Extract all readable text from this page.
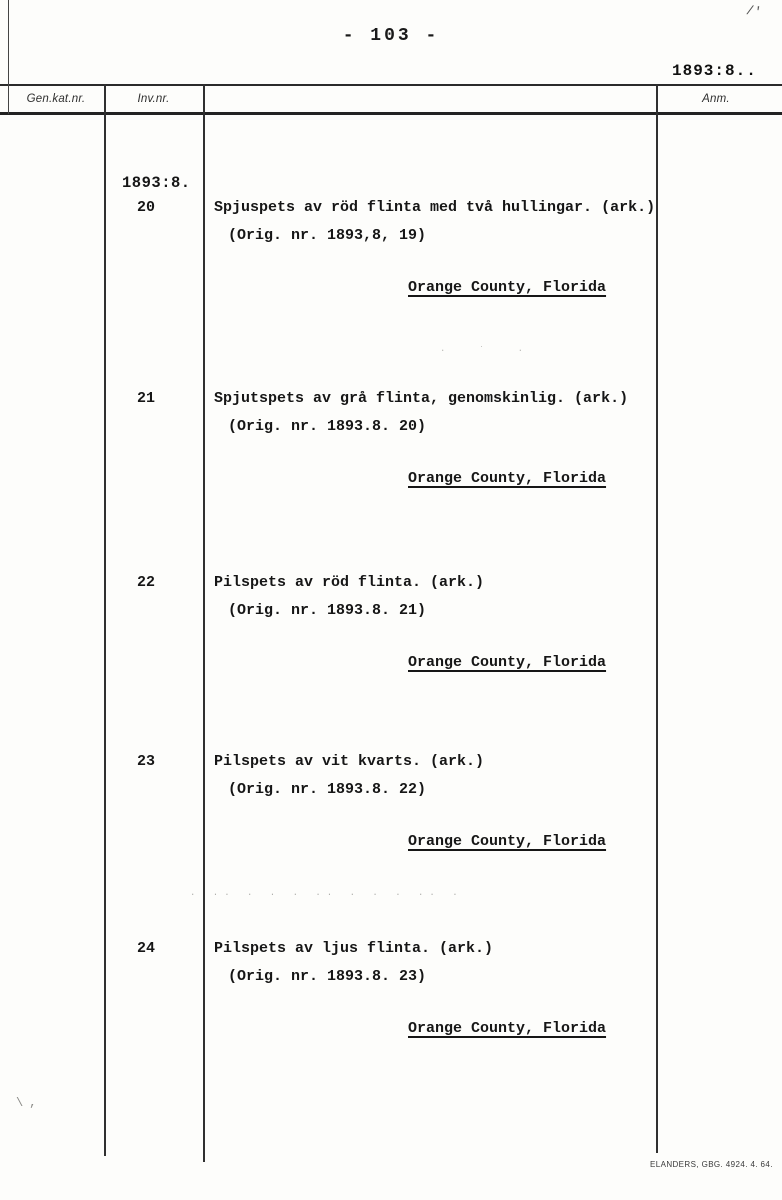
- 103 -
/'
1893:8..
Gen.kat.nr.	Inv.nr.	Anm.
1893:8.
20	Spjuspets av röd flinta med två hullingar. (ark.)
(Orig. nr. 1893,8, 19)
Orange County, Florida
21	Spjutspets av grå flinta, genomskinlig. (ark.)
(Orig. nr. 1893.8. 20)
Orange County, Florida
22	Pilspets av röd flinta. (ark.)
(Orig. nr. 1893.8. 21)
Orange County, Florida
23	Pilspets av vit kvarts. (ark.)
(Orig. nr. 1893.8. 22)
Orange County, Florida
24	Pilspets av ljus flinta. (ark.)
(Orig. nr. 1893.8. 23)
Orange County, Florida
· ·· · · · ·· · · · ·· ·
· ˙ ·
\,
ELANDERS, GBG. 4924. 4. 64.
